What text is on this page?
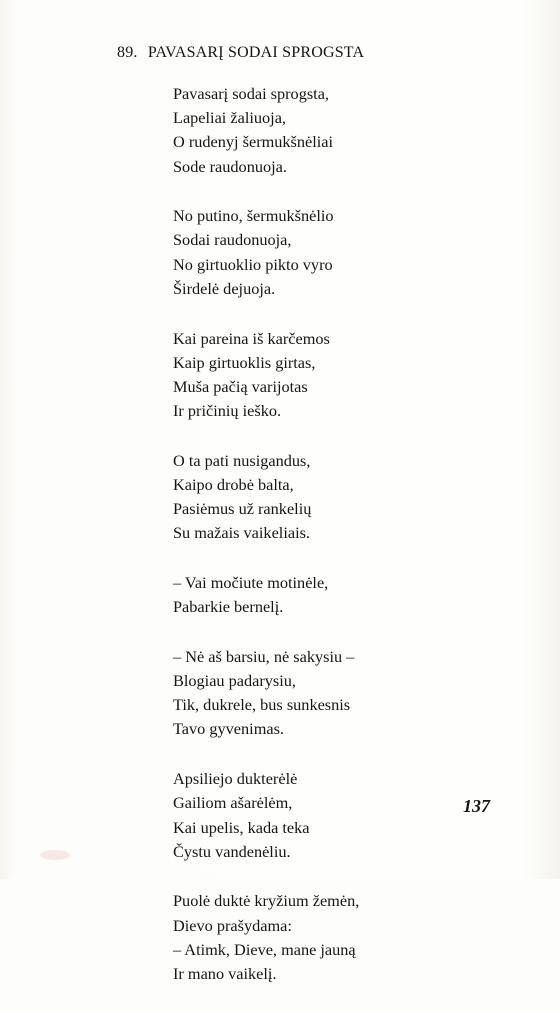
89. PAVASARĮ SODAI SPROGSTA
Pavasarį sodai sprogsta,
Lapeliai žaliuoja,
O rudenyj šermukšnėliai
Sode raudonuoja.
No putino, šermukšnėlio
Sodai raudonuoja,
No girtuoklio pikto vyro
Širdelė dejuoja.
Kai pareina iš karčemos
Kaip girtuoklis girtas,
Muša pačią varijotas
Ir pričinių ieško.
O ta pati nusigandus,
Kaipo drobė balta,
Pasiėmus už rankelių
Su mažais vaikeliais.
– Vai močiute motinėle,
Pabarkie bernelį.
– Nė aš barsiu, nė sakysiu –
Blogiau padarysiu,
Tik, dukrele, bus sunkesnis
Tavo gyvenimas.
Apsiliejo dukterėlė
Gailiom ašarėlėm,
Kai upelis, kada teka
Čystu vandenėliu.
Puolė duktė kryžium žemėn,
Dievo prašydama:
– Atimk, Dieve, mane jauną
Ir mano vaikelį.
137
